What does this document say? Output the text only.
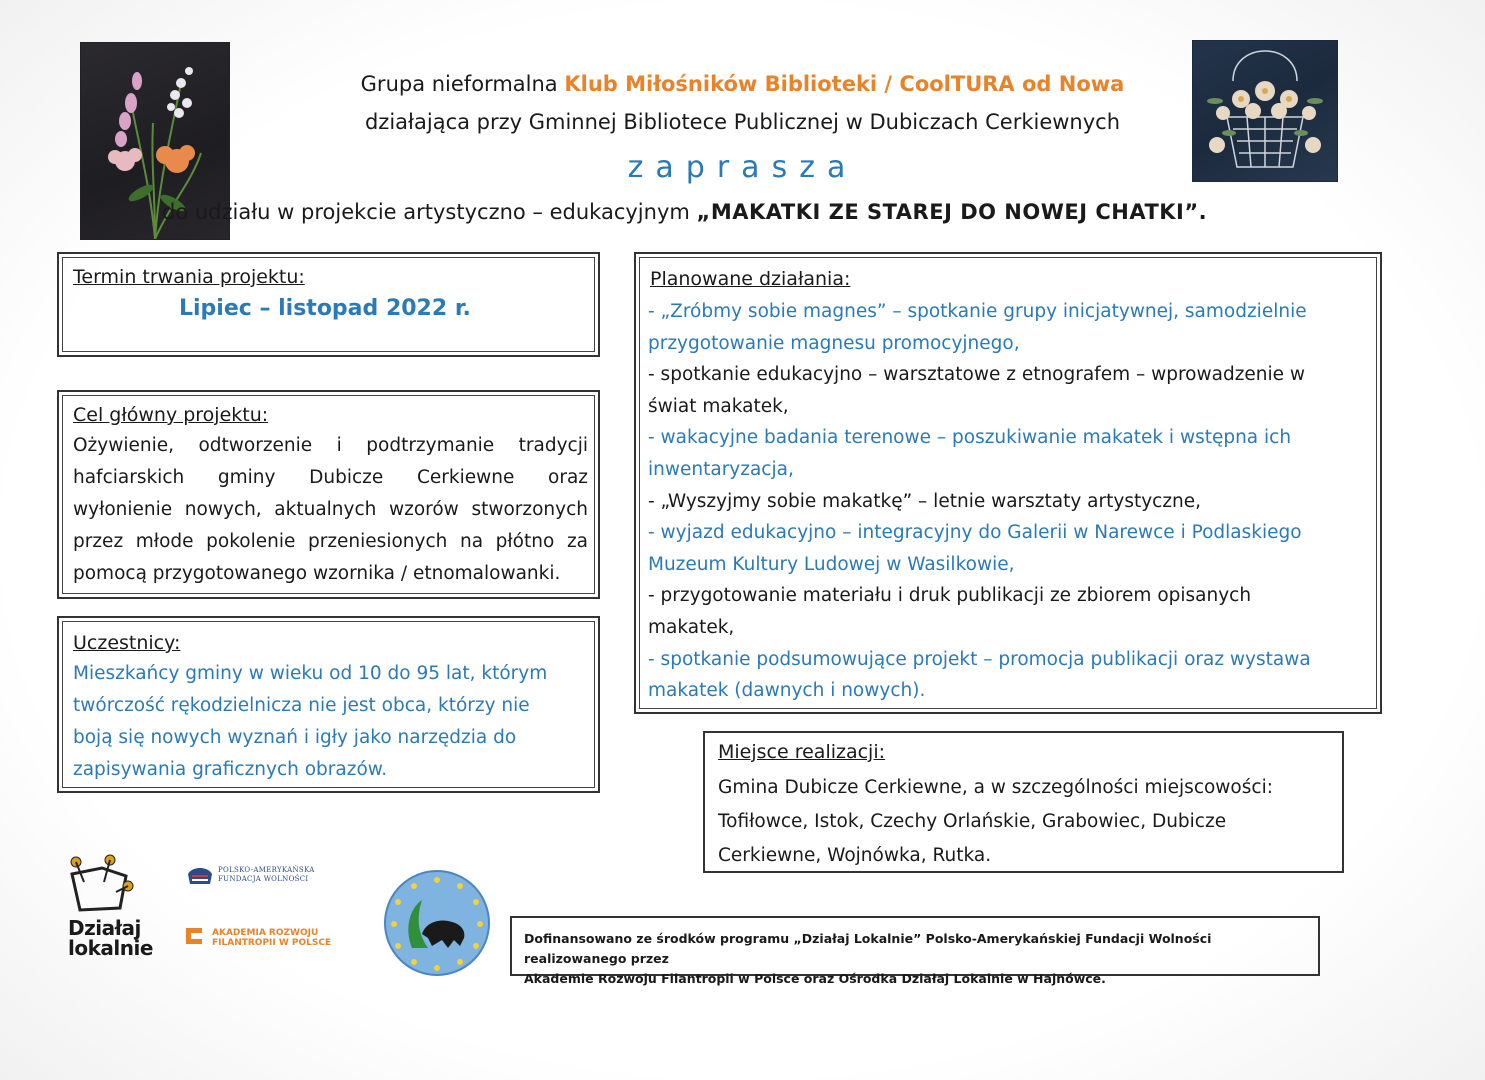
Grupa nieformalna Klub Miłośników Biblioteki / CoolTURA od Nowa
działająca przy Gminnej Bibliotece Publicznej w Dubiczach Cerkiewnych
zaprasza
do udziału w projekcie artystyczno – edukacyjnym „MAKATKI ZE STAREJ DO NOWEJ CHATKI”.
Termin trwania projektu:
Lipiec – listopad 2022 r.
Cel główny projektu:
Ożywienie, odtworzenie i podtrzymanie tradycji
hafciarskich gminy Dubicze Cerkiewne oraz
wyłonienie nowych, aktualnych wzorów stworzonych
przez młode pokolenie przeniesionych na płótno za
pomocą przygotowanego wzornika / etnomalowanki.
Uczestnicy:
Mieszkańcy gminy w wieku od 10 do 95 lat, którym
twórczość rękodzielnicza nie jest obca, którzy nie
boją się nowych wyznań i igły jako narzędzia do
zapisywania graficznych obrazów.
Planowane działania:
- „Zróbmy sobie magnes” – spotkanie grupy inicjatywnej, samodzielnie
przygotowanie magnesu promocyjnego,
- spotkanie edukacyjno – warsztatowe z etnografem – wprowadzenie w
świat makatek,
- wakacyjne badania terenowe – poszukiwanie makatek i wstępna ich
inwentaryzacja,
- „Wyszyjmy sobie makatkę” – letnie warsztaty artystyczne,
- wyjazd edukacyjno – integracyjny do Galerii w Narewce i Podlaskiego
Muzeum Kultury Ludowej w Wasilkowie,
- przygotowanie materiału i druk publikacji ze zbiorem opisanych
makatek,
- spotkanie podsumowujące projekt – promocja publikacji oraz wystawa
makatek (dawnych i nowych).
Miejsce realizacji:
Gmina Dubicze Cerkiewne, a w szczególności miejscowości:
Tofiłowce, Istok, Czechy Orlańskie, Grabowiec, Dubicze
Cerkiewne, Wojnówka, Rutka.
Działaj
lokalnie
POLSKO-AMERYKAŃSKA
FUNDACJA WOLNOŚCI
AKADEMIA ROZWOJU
FILANTROPII W POLSCE	Dofinansowano ze środków programu „Działaj Lokalnie” Polsko-Amerykańskiej Fundacji Wolności realizowanego przez
Akademie Rozwoju Filantropii w Polsce oraz Ośrodka Działaj Lokalnie w Hajnówce.
